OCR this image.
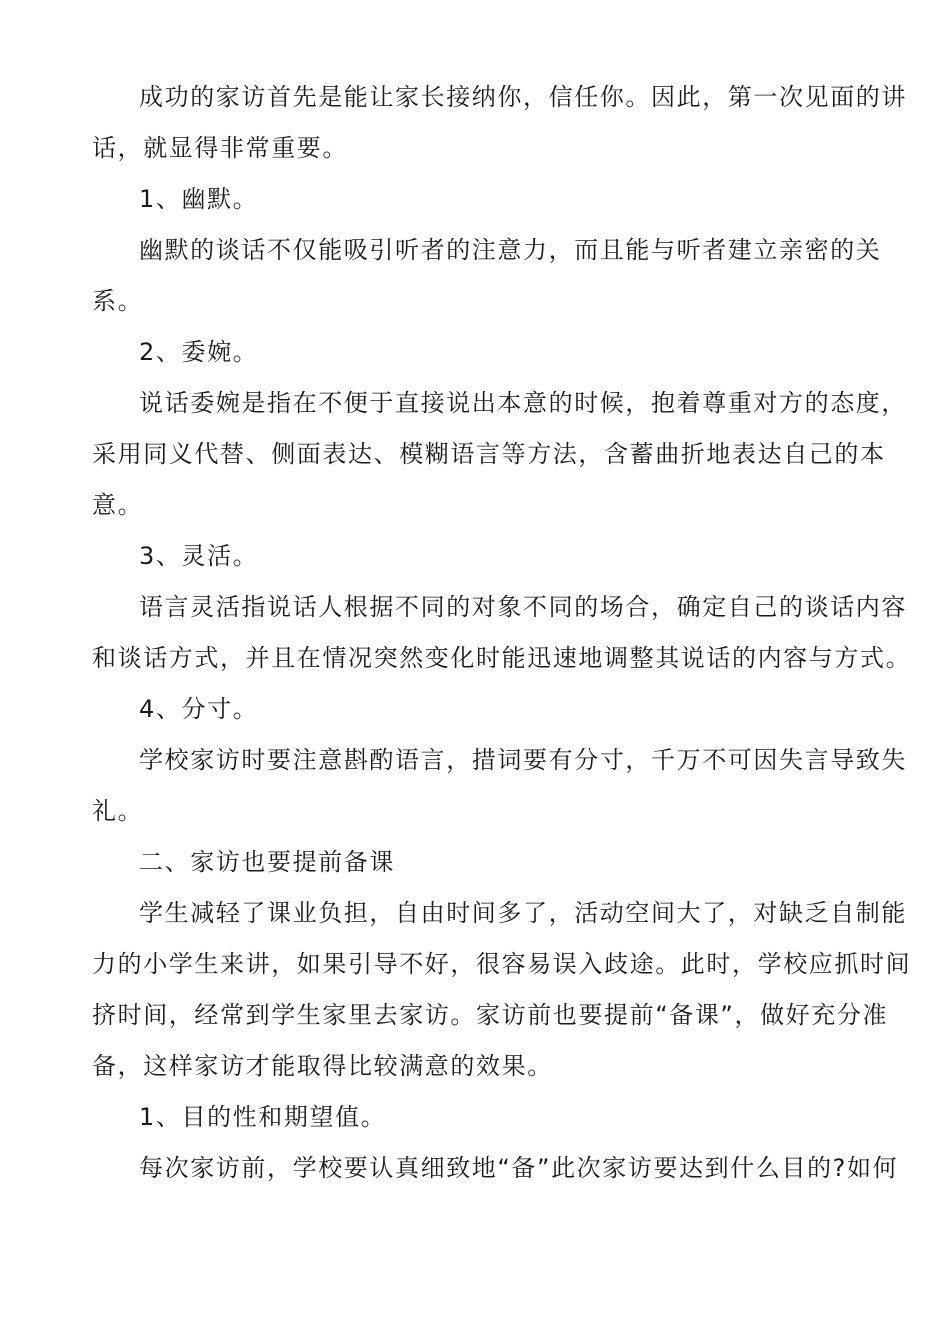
成功的家访首先是能让家长接纳你，信任你。因此，第一次见面的讲
话，就显得非常重要。
1、幽默。
幽默的谈话不仅能吸引听者的注意力，而且能与听者建立亲密的关
系。
2、委婉。
说话委婉是指在不便于直接说出本意的时候，抱着尊重对方的态度，
采用同义代替、侧面表达、模糊语言等方法，含蓄曲折地表达自己的本
意。
3、灵活。
语言灵活指说话人根据不同的对象不同的场合，确定自己的谈话内容
和谈话方式，并且在情况突然变化时能迅速地调整其说话的内容与方式。
4、分寸。
学校家访时要注意斟酌语言，措词要有分寸，千万不可因失言导致失
礼。
二、家访也要提前备课
学生减轻了课业负担，自由时间多了，活动空间大了，对缺乏自制能
力的小学生来讲，如果引导不好，很容易误入歧途。此时，学校应抓时间
挤时间，经常到学生家里去家访。家访前也要提前“备课”，做好充分准
备，这样家访才能取得比较满意的效果。
1、目的性和期望值。
每次家访前，学校要认真细致地“备”此次家访要达到什么目的?如何
